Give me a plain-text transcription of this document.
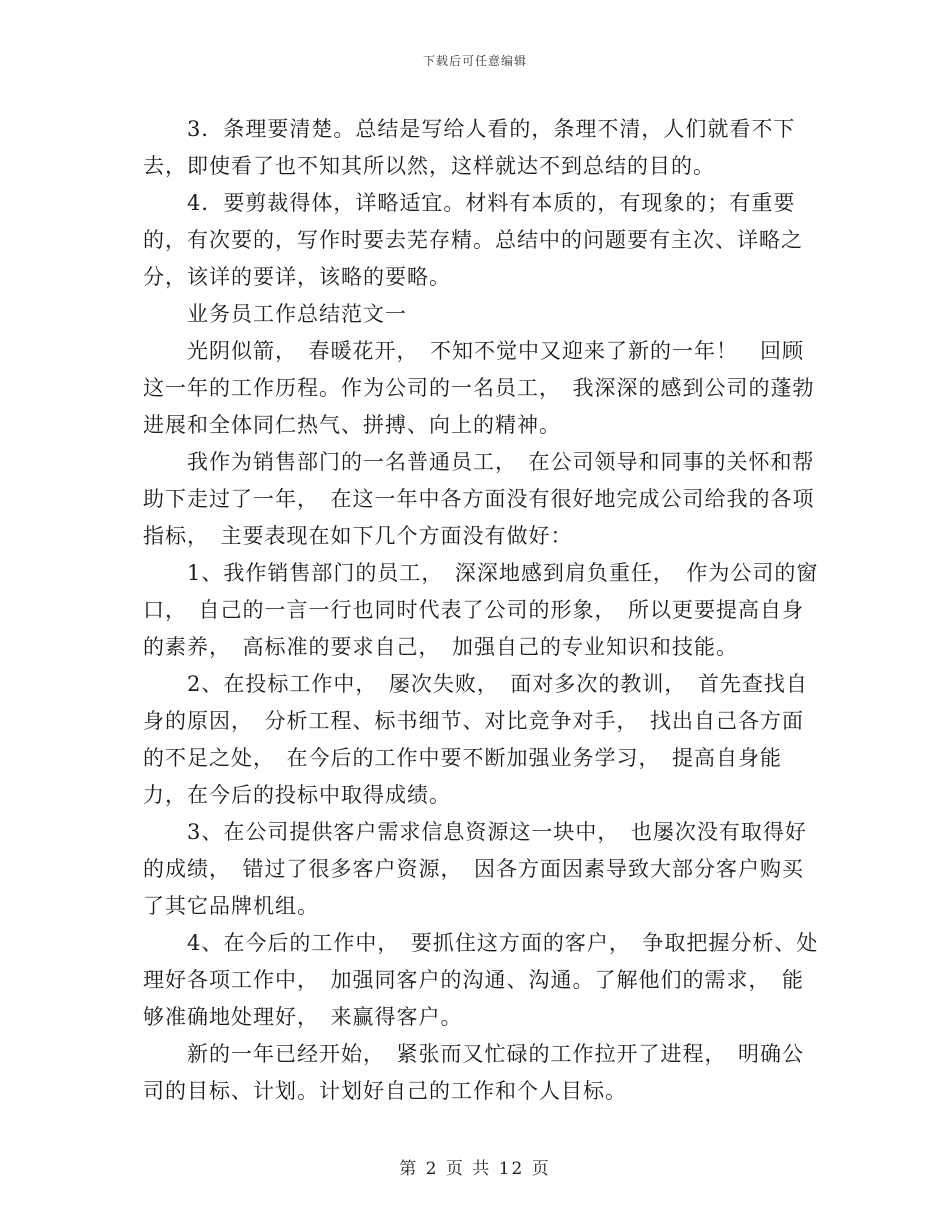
下载后可任意编辑

3．条理要清楚。总结是写给人看的，条理不清，人们就看不下去，即使看了也不知其所以然，这样就达不到总结的目的。

4．要剪裁得体，详略适宜。材料有本质的，有现象的；有重要的，有次要的，写作时要去芜存精。总结中的问题要有主次、详略之分，该详的要详，该略的要略。

业务员工作总结范文一

光阴似箭，　春暖花开，　不知不觉中又迎来了新的一年！　回顾这一年的工作历程。作为公司的一名员工，　我深深的感到公司的蓬勃进展和全体同仁热气、拼搏、向上的精神。

我作为销售部门的一名普通员工，　在公司领导和同事的关怀和帮助下走过了一年，　在这一年中各方面没有很好地完成公司给我的各项指标，　主要表现在如下几个方面没有做好：

1、我作销售部门的员工，　深深地感到肩负重任，　作为公司的窗口，　自己的一言一行也同时代表了公司的形象，　所以更要提高自身的素养，　高标准的要求自己，　加强自己的专业知识和技能。

2、在投标工作中，　屡次失败，　面对多次的教训，　首先查找自身的原因，　分析工程、标书细节、对比竞争对手，　找出自己各方面的不足之处，　在今后的工作中要不断加强业务学习，　提高自身能力，在今后的投标中取得成绩。

3、在公司提供客户需求信息资源这一块中，　也屡次没有取得好的成绩，　错过了很多客户资源，　因各方面因素导致大部分客户购买了其它品牌机组。

4、在今后的工作中，　要抓住这方面的客户，　争取把握分析、处理好各项工作中，　加强同客户的沟通、沟通。了解他们的需求，　能够准确地处理好，　来赢得客户。

新的一年已经开始，　紧张而又忙碌的工作拉开了进程，　明确公司的目标、计划。计划好自己的工作和个人目标。

第 2 页 共 12 页
